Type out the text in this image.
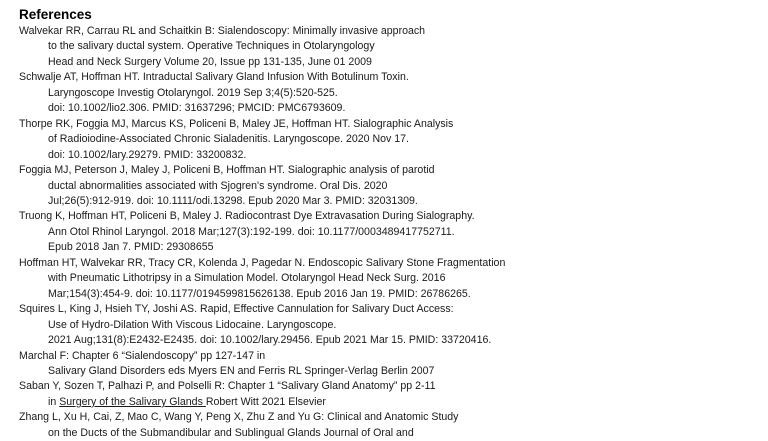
References
Walvekar RR, Carrau RL and Schaitkin B: Sialendoscopy: Minimally invasive approach
to the salivary ductal system. Operative Techniques in Otolaryngology
Head and Neck Surgery Volume 20, Issue pp 131-135, June 01 2009
Schwalje AT, Hoffman HT. Intraductal Salivary Gland Infusion With Botulinum Toxin.
Laryngoscope Investig Otolaryngol. 2019 Sep 3;4(5):520-525.
doi: 10.1002/lio2.306. PMID: 31637296; PMCID: PMC6793609.
Thorpe RK, Foggia MJ, Marcus KS, Policeni B, Maley JE, Hoffman HT. Sialographic Analysis
of Radioiodine-Associated Chronic Sialadenitis. Laryngoscope. 2020 Nov 17.
doi: 10.1002/lary.29279. PMID: 33200832.
Foggia MJ, Peterson J, Maley J, Policeni B, Hoffman HT. Sialographic analysis of parotid
ductal abnormalities associated with Sjogren's syndrome. Oral Dis. 2020
Jul;26(5):912-919. doi: 10.1111/odi.13298. Epub 2020 Mar 3. PMID: 32031309.
Truong K, Hoffman HT, Policeni B, Maley J. Radiocontrast Dye Extravasation During Sialography.
Ann Otol Rhinol Laryngol. 2018 Mar;127(3):192-199. doi: 10.1177/0003489417752711.
Epub 2018 Jan 7. PMID: 29308655
Hoffman HT, Walvekar RR, Tracy CR, Kolenda J, Pagedar N. Endoscopic Salivary Stone Fragmentation
with Pneumatic Lithotripsy in a Simulation Model. Otolaryngol Head Neck Surg. 2016
Mar;154(3):454-9. doi: 10.1177/0194599815626138. Epub 2016 Jan 19. PMID: 26786265.
Squires L, King J, Hsieh TY, Joshi AS. Rapid, Effective Cannulation for Salivary Duct Access:
Use of Hydro-Dilation With Viscous Lidocaine. Laryngoscope.
2021 Aug;131(8):E2432-E2435. doi: 10.1002/lary.29456. Epub 2021 Mar 15. PMID: 33720416.
Marchal F: Chapter 6 “Sialendoscopy” pp 127-147 in
Salivary Gland Disorders eds Myers EN and Ferris RL Springer-Verlag Berlin 2007
Saban Y, Sozen T, Palhazi P, and Polselli R: Chapter 1 “Salivary Gland Anatomy” pp 2-11
in Surgery of the Salivary Glands Robert Witt 2021 Elsevier
Zhang L, Xu H, Cai, Z, Mao C, Wang Y, Peng X, Zhu Z and Yu G: Clinical and Anatomic Study
on the Ducts of the Submandibular and Sublingual Glands Journal of Oral and
